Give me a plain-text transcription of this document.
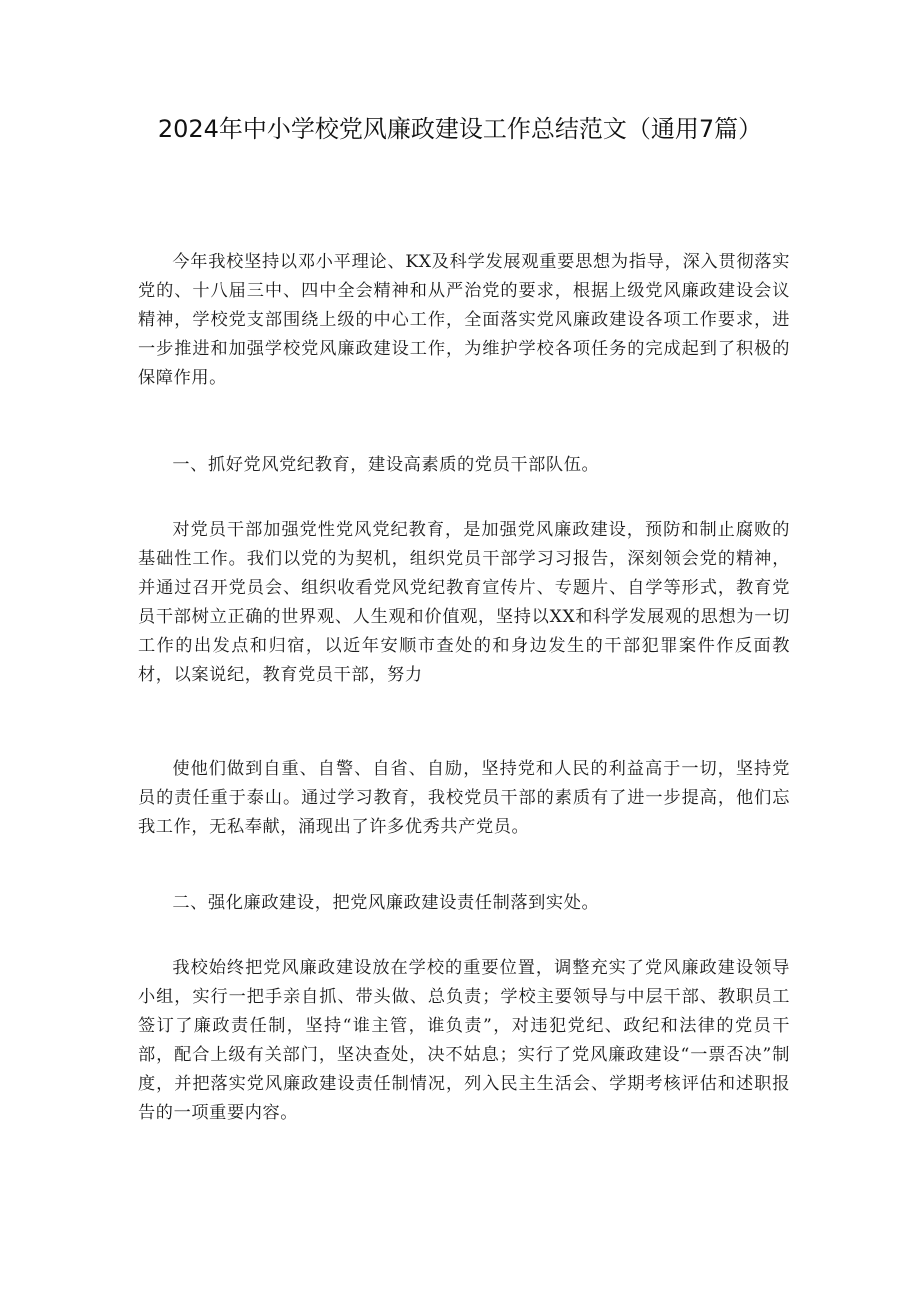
2024年中小学校党风廉政建设工作总结范文（通用7篇）

今年我校坚持以邓小平理论、KX及科学发展观重要思想为指导，深入贯彻落实党的、十八届三中、四中全会精神和从严治党的要求，根据上级党风廉政建设会议精神，学校党支部围绕上级的中心工作，全面落实党风廉政建设各项工作要求，进一步推进和加强学校党风廉政建设工作，为维护学校各项任务的完成起到了积极的保障作用。

一、抓好党风党纪教育，建设高素质的党员干部队伍。

对党员干部加强党性党风党纪教育，是加强党风廉政建设，预防和制止腐败的基础性工作。我们以党的为契机，组织党员干部学习习报告，深刻领会党的精神，并通过召开党员会、组织收看党风党纪教育宣传片、专题片、自学等形式，教育党员干部树立正确的世界观、人生观和价值观，坚持以XX和科学发展观的思想为一切工作的出发点和归宿，以近年安顺市查处的和身边发生的干部犯罪案件作反面教材，以案说纪，教育党员干部，努力

使他们做到自重、自警、自省、自励，坚持党和人民的利益高于一切，坚持党员的责任重于泰山。通过学习教育，我校党员干部的素质有了进一步提高，他们忘我工作，无私奉献，涌现出了许多优秀共产党员。

二、强化廉政建设，把党风廉政建设责任制落到实处。

我校始终把党风廉政建设放在学校的重要位置，调整充实了党风廉政建设领导小组，实行一把手亲自抓、带头做、总负责；学校主要领导与中层干部、教职员工签订了廉政责任制，坚持“谁主管，谁负责”，对违犯党纪、政纪和法律的党员干部，配合上级有关部门，坚决查处，决不姑息；实行了党风廉政建设“一票否决”制度，并把落实党风廉政建设责任制情况，列入民主生活会、学期考核评估和述职报告的一项重要内容。
